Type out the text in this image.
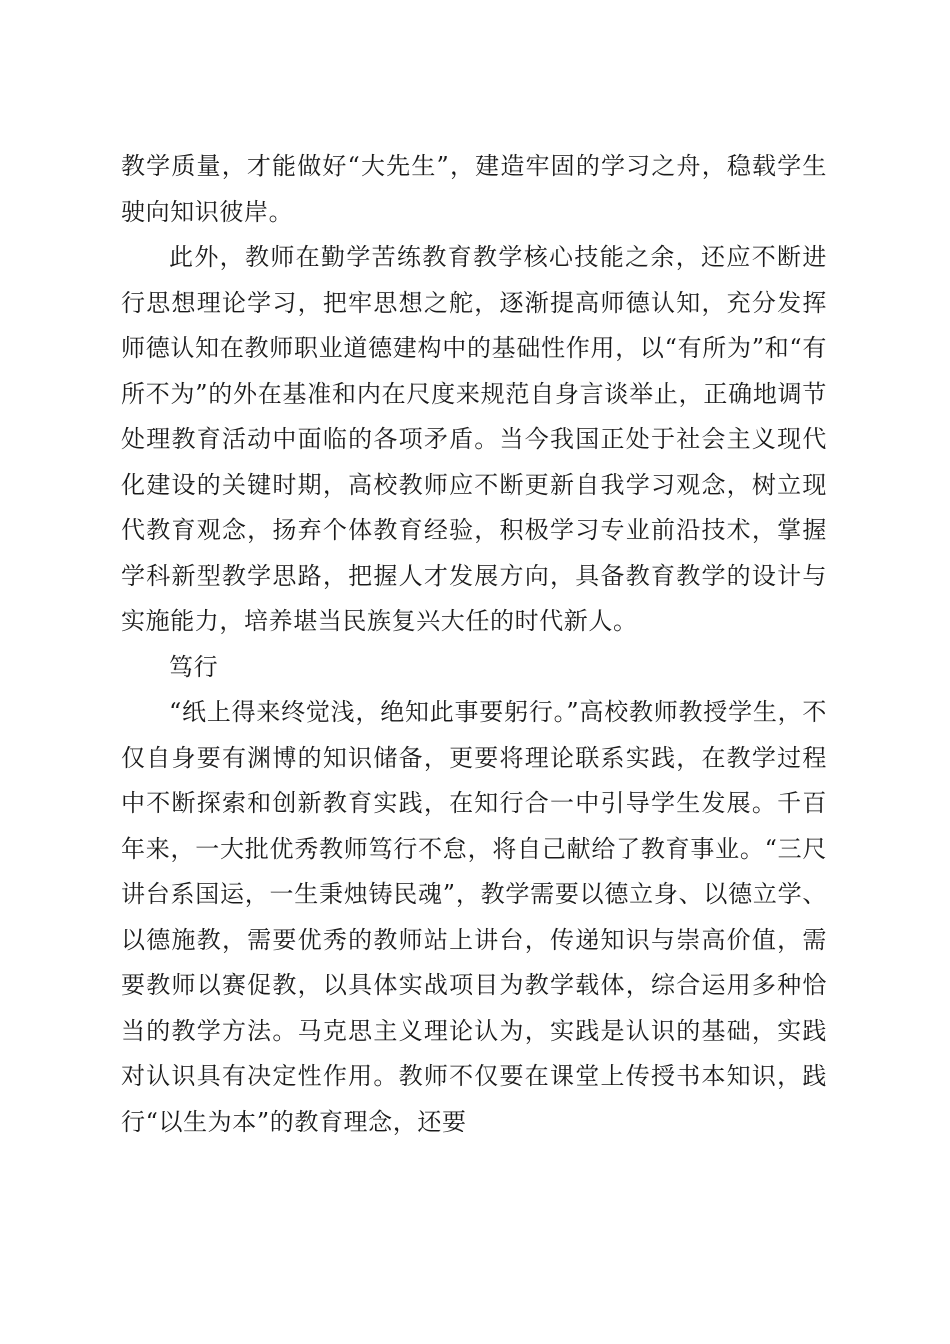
教学质量，才能做好“大先生”，建造牢固的学习之舟，稳载学生驶向知识彼岸。

此外，教师在勤学苦练教育教学核心技能之余，还应不断进行思想理论学习，把牢思想之舵，逐渐提高师德认知，充分发挥师德认知在教师职业道德建构中的基础性作用，以“有所为”和“有所不为”的外在基准和内在尺度来规范自身言谈举止，正确地调节处理教育活动中面临的各项矛盾。当今我国正处于社会主义现代化建设的关键时期，高校教师应不断更新自我学习观念，树立现代教育观念，扬弃个体教育经验，积极学习专业前沿技术，掌握学科新型教学思路，把握人才发展方向，具备教育教学的设计与实施能力，培养堪当民族复兴大任的时代新人。

笃行

“纸上得来终觉浅，绝知此事要躬行。”高校教师教授学生，不仅自身要有渊博的知识储备，更要将理论联系实践，在教学过程中不断探索和创新教育实践，在知行合一中引导学生发展。千百年来，一大批优秀教师笃行不怠，将自己献给了教育事业。“三尺讲台系国运，一生秉烛铸民魂”，教学需要以德立身、以德立学、以德施教，需要优秀的教师站上讲台，传递知识与崇高价值，需要教师以赛促教，以具体实战项目为教学载体，综合运用多种恰当的教学方法。马克思主义理论认为，实践是认识的基础，实践对认识具有决定性作用。教师不仅要在课堂上传授书本知识，践行“以生为本”的教育理念，还要
